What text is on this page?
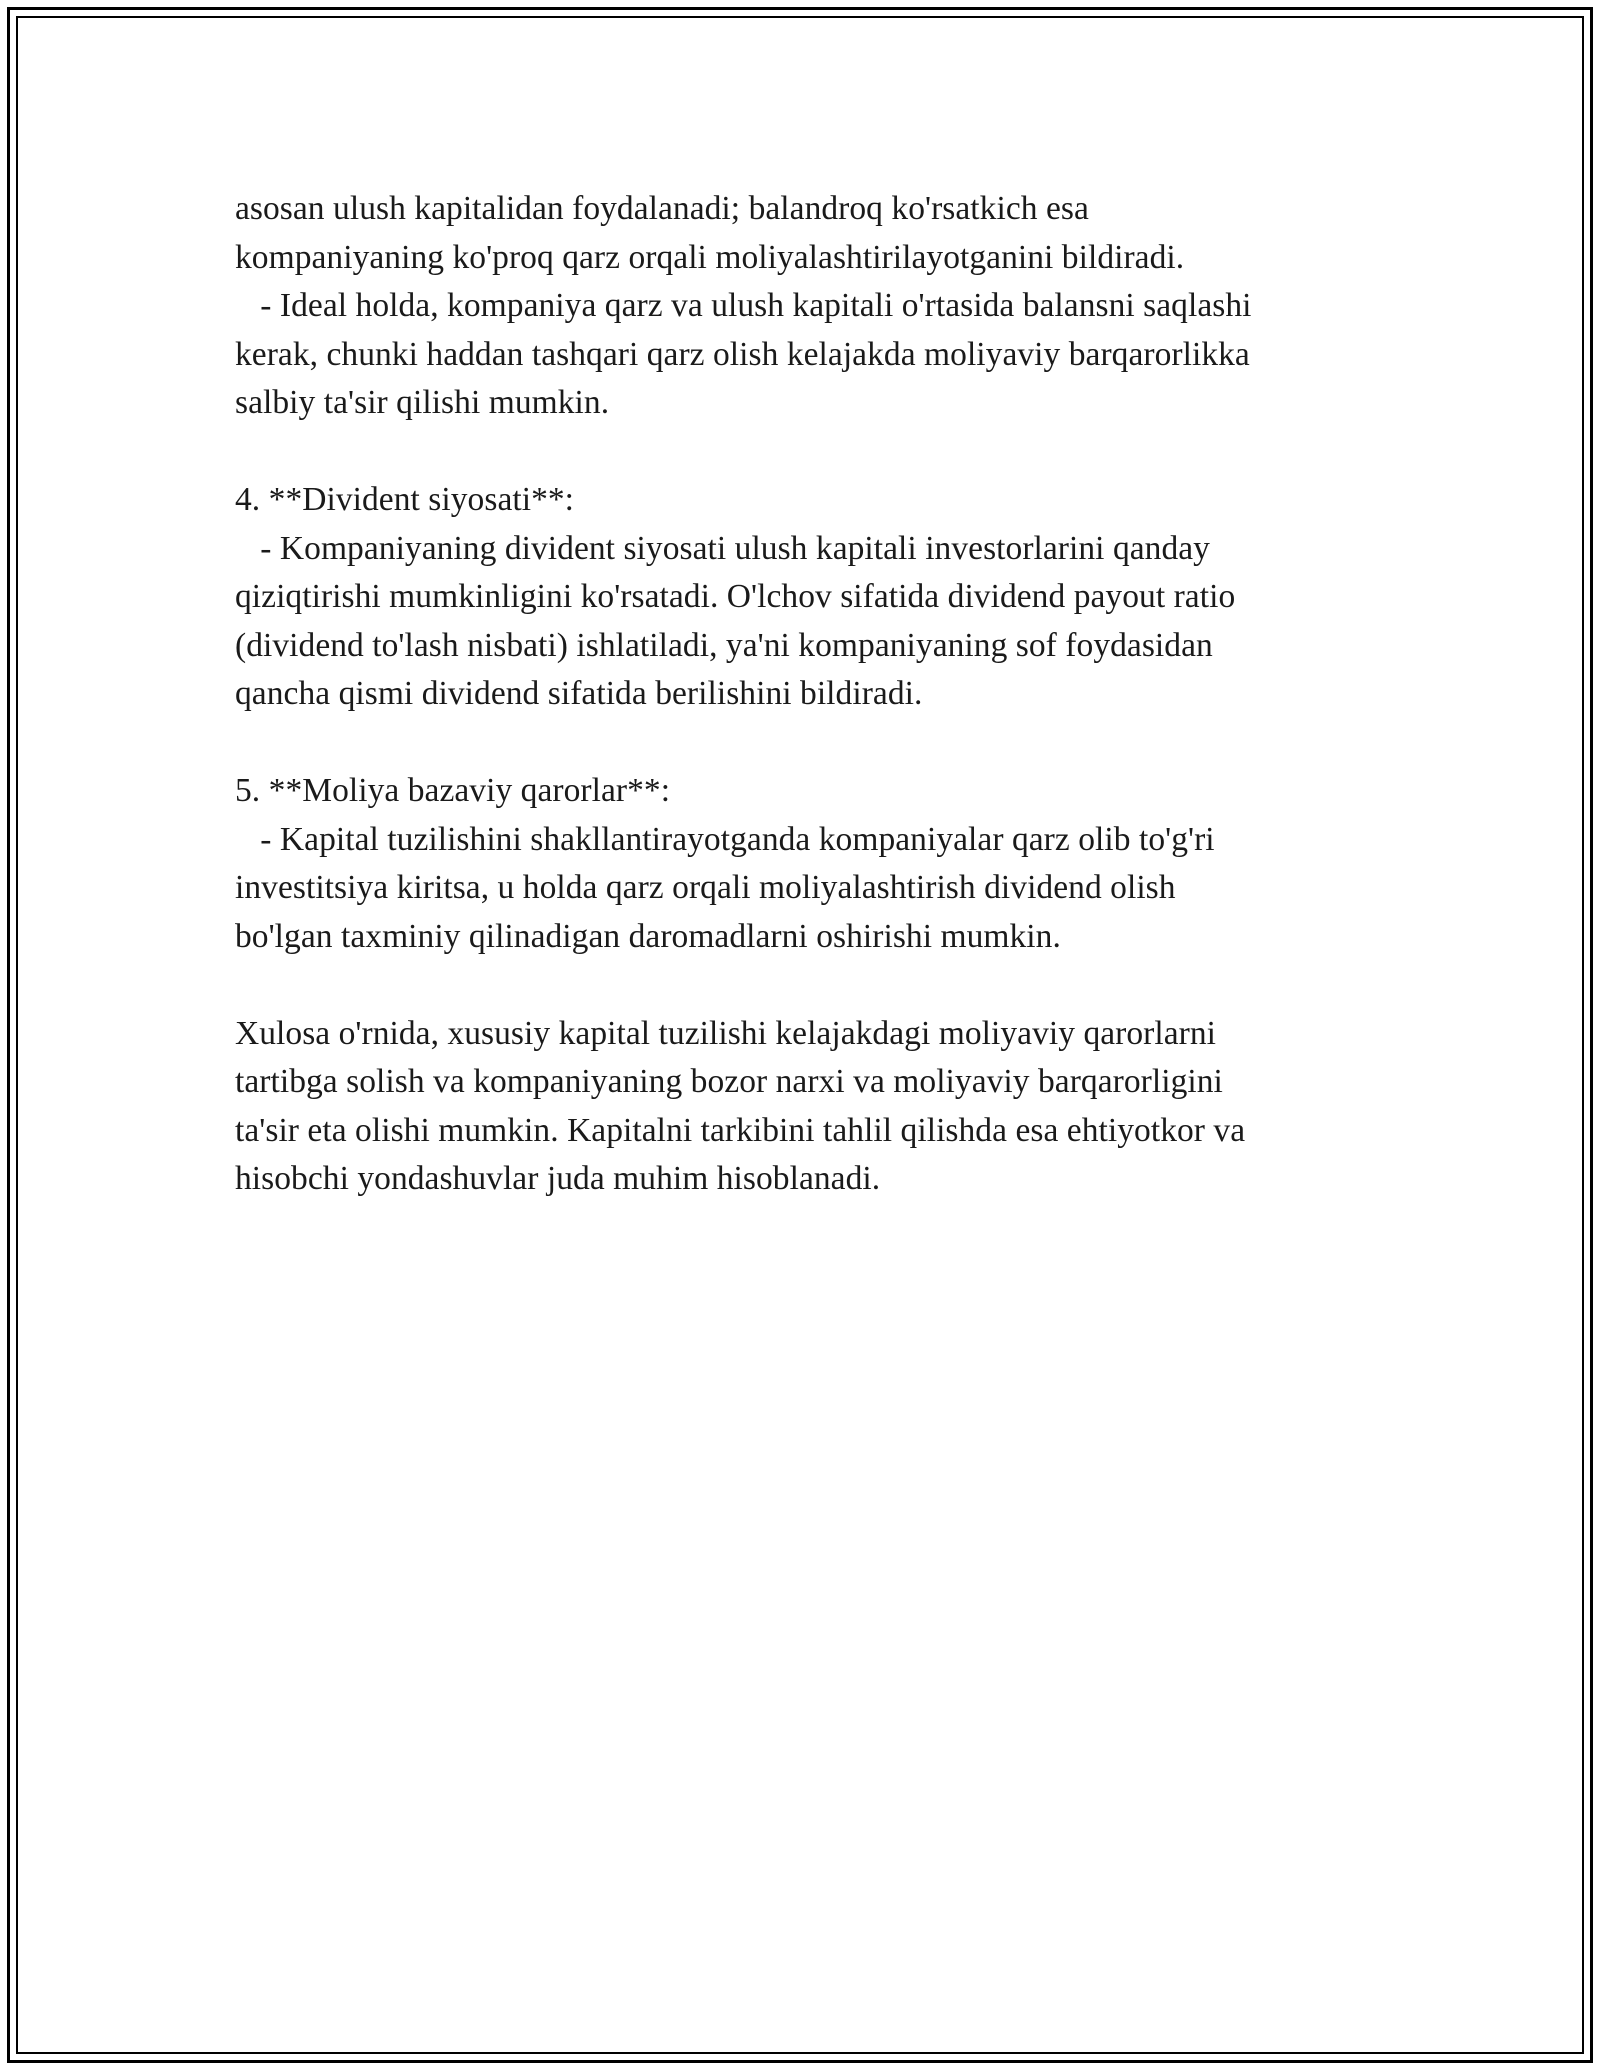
asosan ulush kapitalidan foydalanadi; balandroq ko'rsatkich esa
kompaniyaning ko'proq qarz orqali moliyalashtirilayotganini bildiradi.
- Ideal holda, kompaniya qarz va ulush kapitali o'rtasida balansni saqlashi
kerak, chunki haddan tashqari qarz olish kelajakda moliyaviy barqarorlikka
salbiy ta'sir qilishi mumkin.
4. **Divident siyosati**:
- Kompaniyaning divident siyosati ulush kapitali investorlarini qanday
qiziqtirishi mumkinligini ko'rsatadi. O'lchov sifatida dividend payout ratio
(dividend to'lash nisbati) ishlatiladi, ya'ni kompaniyaning sof foydasidan
qancha qismi dividend sifatida berilishini bildiradi.
5. **Moliya bazaviy qarorlar**:
- Kapital tuzilishini shakllantirayotganda kompaniyalar qarz olib to'g'ri
investitsiya kiritsa, u holda qarz orqali moliyalashtirish dividend olish
bo'lgan taxminiy qilinadigan daromadlarni oshirishi mumkin.
Xulosa o'rnida, xususiy kapital tuzilishi kelajakdagi moliyaviy qarorlarni
tartibga solish va kompaniyaning bozor narxi va moliyaviy barqarorligini
ta'sir eta olishi mumkin. Kapitalni tarkibini tahlil qilishda esa ehtiyotkor va
hisobchi yondashuvlar juda muhim hisoblanadi.
